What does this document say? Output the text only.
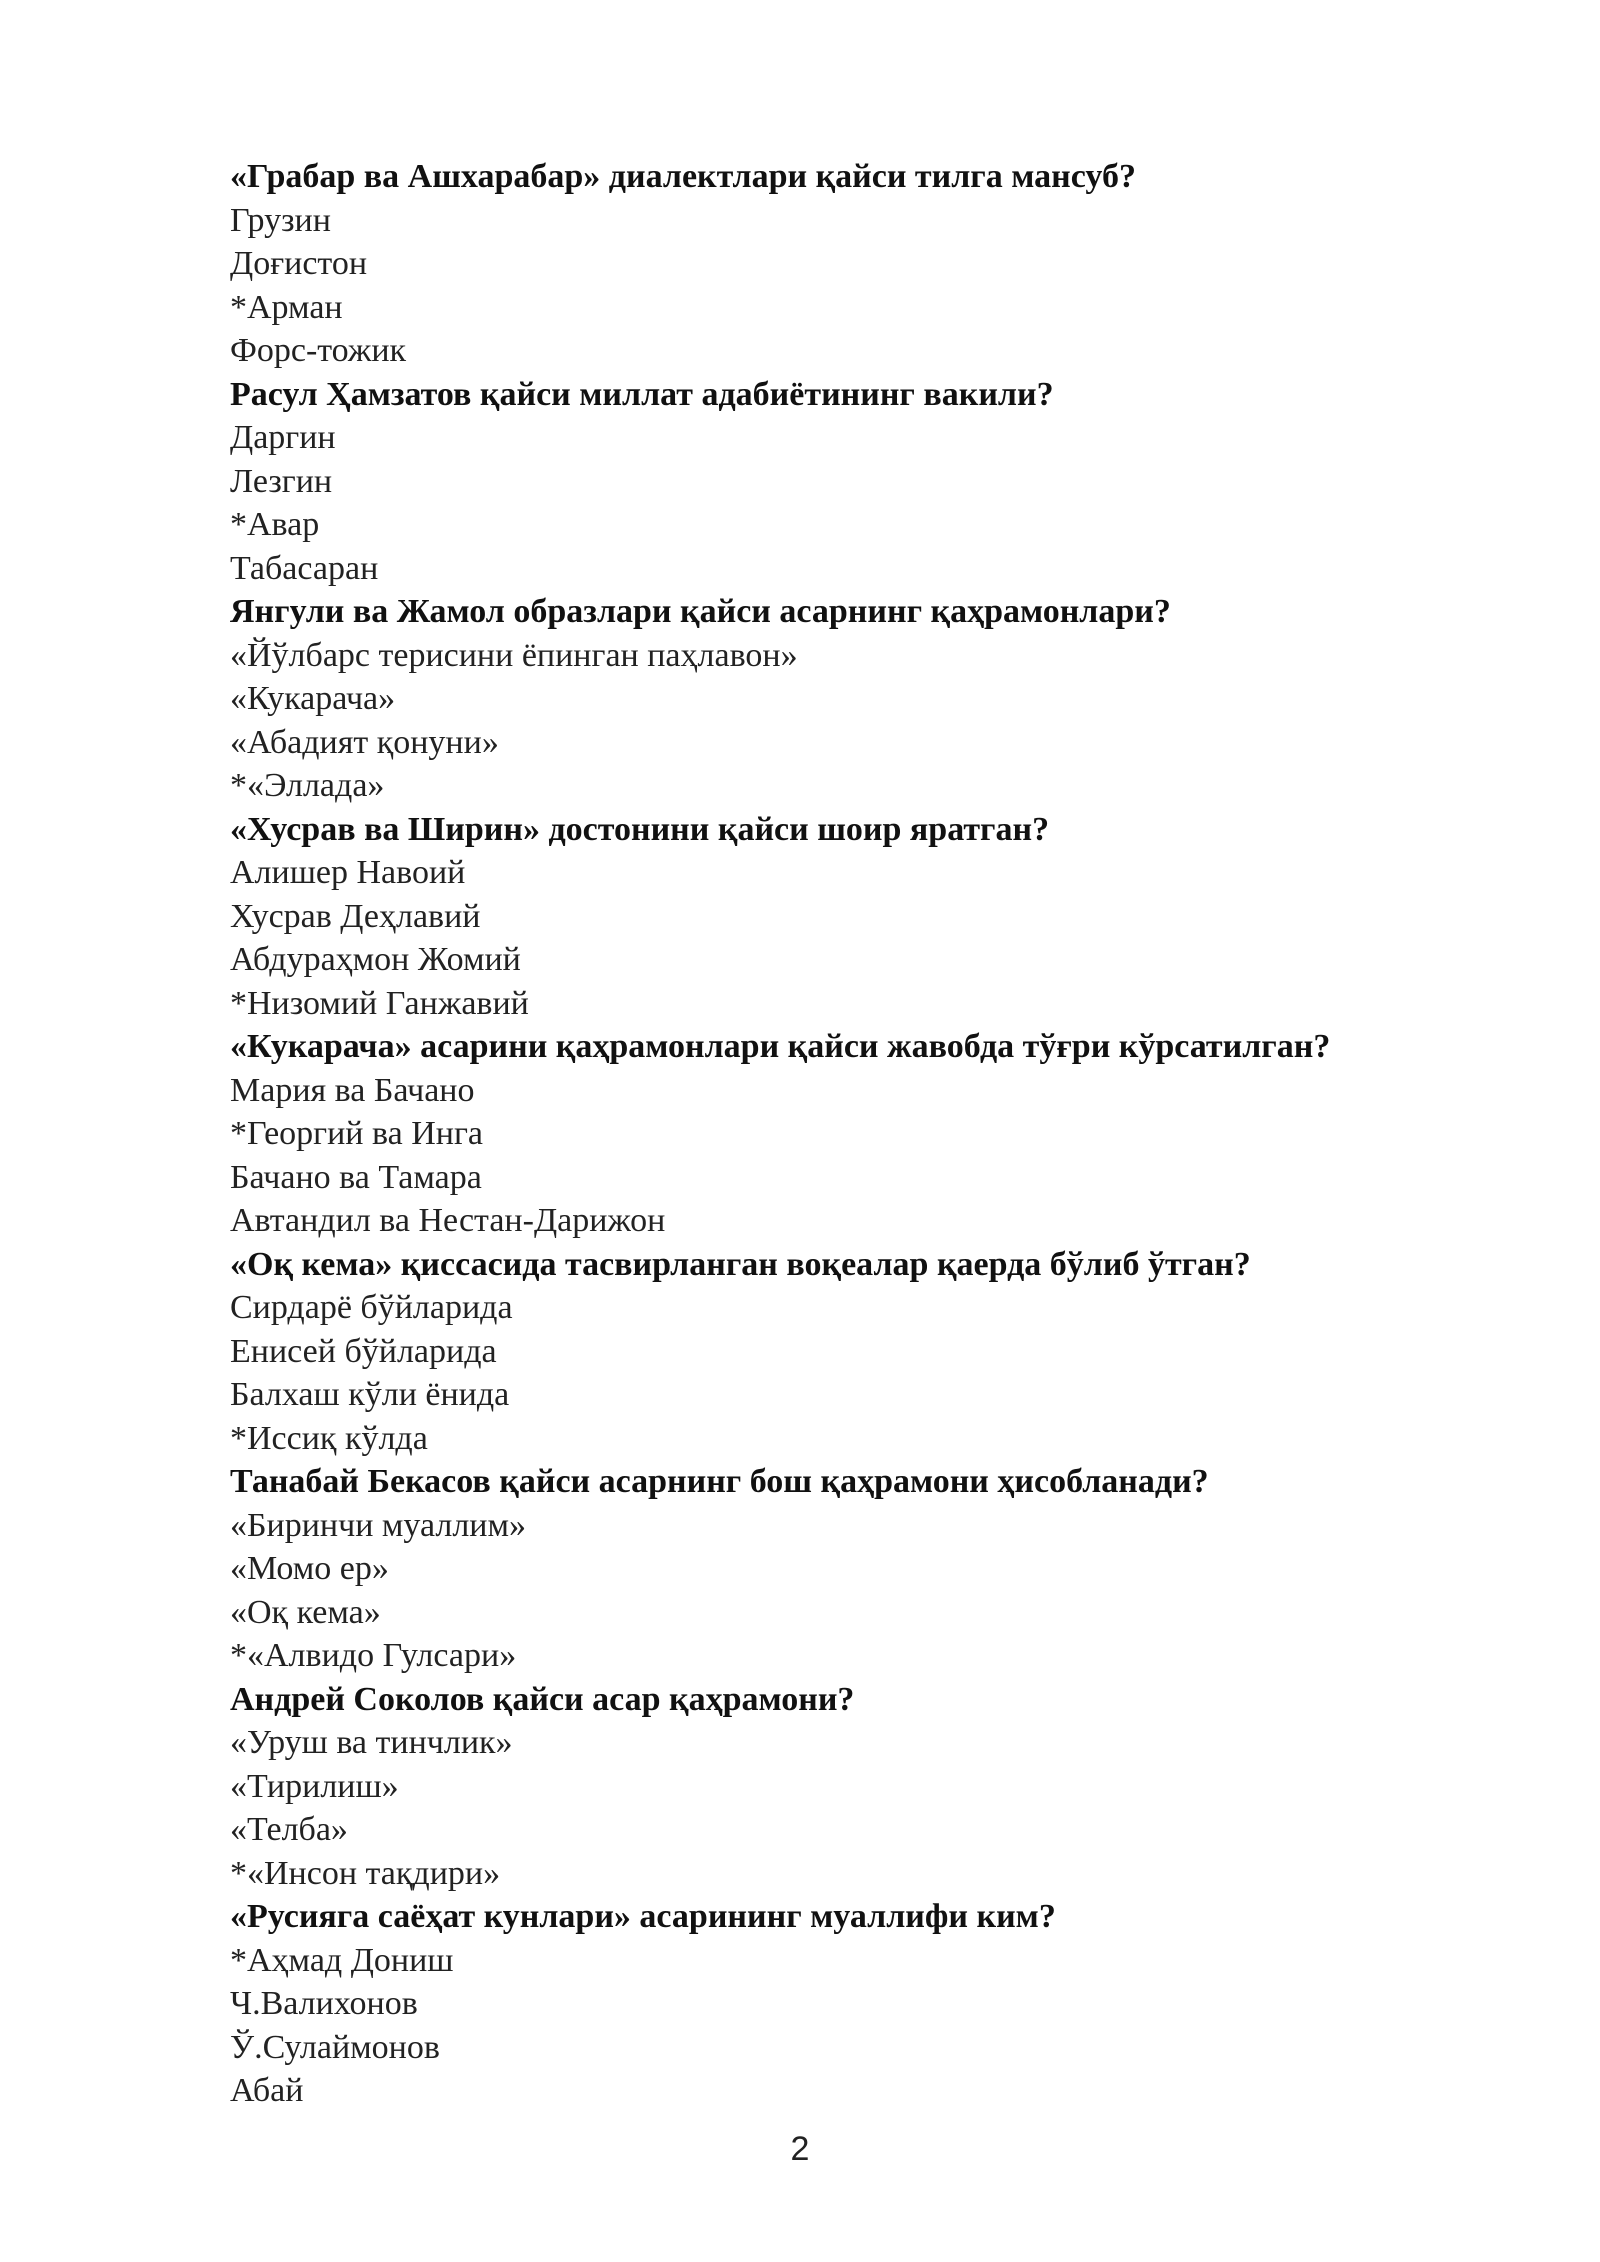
«Грабар ва Ашхарабар» диалектлари қайси тилга мансуб?
Грузин
Доғистон
*Арман
Форс-тожик
Расул Ҳамзатов қайси миллат адабиётининг вакили?
Даргин
Лезгин
*Авар
Табасаран
Янгули ва Жамол образлари қайси асарнинг қаҳрамонлари?
«Йўлбарс терисини ёпинган паҳлавон»
«Кукарача»
«Абадият қонуни»
*«Эллада»
«Хусрав ва Ширин» достонини қайси шоир яратган?
Алишер Навоий
Хусрав Деҳлавий
Абдураҳмон Жомий
*Низомий Ганжавий
«Кукарача» асарини қаҳрамонлари қайси жавобда тўғри кўрсатилган?
Мария ва Бачано
*Георгий ва Инга
Бачано ва Тамара
Автандил ва Нестан-Дарижон
«Оқ кема» қиссасида тасвирланган воқеалар қаерда бўлиб ўтган?
Сирдарё бўйларида
Енисей бўйларида
Балхаш кўли ёнида
*Иссиқ кўлда
Танабай Бекасов қайси асарнинг бош қаҳрамони ҳисобланади?
«Биринчи муаллим»
«Момо ер»
«Оқ кема»
*«Алвидо Гулсари»
Андрей Соколов қайси асар қаҳрамони?
«Уруш ва тинчлик»
«Тирилиш»
«Телба»
*«Инсон тақдири»
«Русияга саёҳат кунлари» асарининг муаллифи ким?
*Аҳмад Дониш
Ч.Валихонов
Ў.Сулаймонов
Абай
2
